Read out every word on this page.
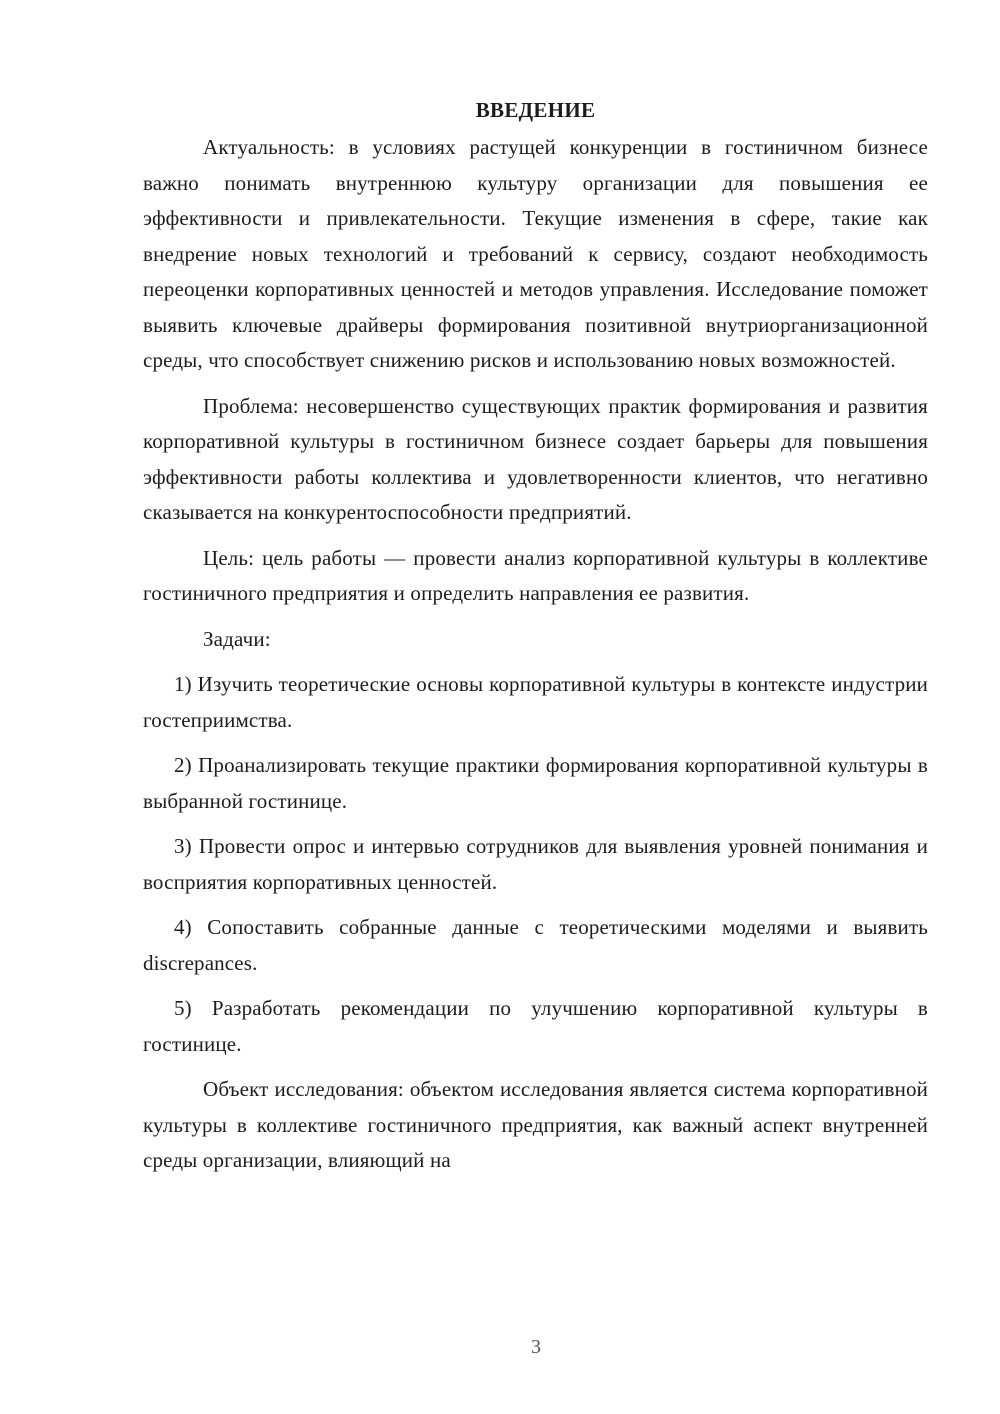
ВВЕДЕНИЕ

Актуальность: в условиях растущей конкуренции в гостиничном бизнесе важно понимать внутреннюю культуру организации для повышения ее эффективности и привлекательности. Текущие изменения в сфере, такие как внедрение новых технологий и требований к сервису, создают необходимость переоценки корпоративных ценностей и методов управления. Исследование поможет выявить ключевые драйверы формирования позитивной внутриорганизационной среды, что способствует снижению рисков и использованию новых возможностей.

Проблема: несовершенство существующих практик формирования и развития корпоративной культуры в гостиничном бизнесе создает барьеры для повышения эффективности работы коллектива и удовлетворенности клиентов, что негативно сказывается на конкурентоспособности предприятий.

Цель: цель работы — провести анализ корпоративной культуры в коллективе гостиничного предприятия и определить направления ее развития.

Задачи:

1) Изучить теоретические основы корпоративной культуры в контексте индустрии гостеприимства.

2) Проанализировать текущие практики формирования корпоративной культуры в выбранной гостинице.

3) Провести опрос и интервью сотрудников для выявления уровней понимания и восприятия корпоративных ценностей.

4) Сопоставить собранные данные с теоретическими моделями и выявить discrepances.

5) Разработать рекомендации по улучшению корпоративной культуры в гостинице.

Объект исследования: объектом исследования является система корпоративной культуры в коллективе гостиничного предприятия, как важный аспект внутренней среды организации, влияющий на

3
